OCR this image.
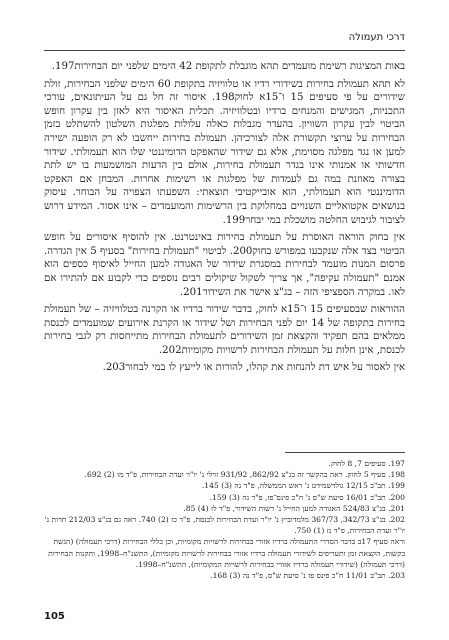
דרכי תעמולה

באות המציגות רשימת מועמדים תהא מוגבלת לתקופת 42 הימים שלפני יום הבחירות197.

לא תהא תעמולת בחירות בשידורי רדיו או טלוויזיה בתקופת 60 הימים שלפני הבחירות, זולת שידורים על פי סעיפים 15 ו־15א לחוק198. איסור זה חל גם על העיתונאים, עורכי התכניות, המגישים והמנחים ברדיו ובטלוויזיה. תכלית האיסור היא לאזן בין עקרון חופש הביטוי לבין עקרון השוויון. בהעדר מגבלות כאלה עלולות מפלגות השלטון להשתלט בזמן הבחירות על ערוצי תקשורת אלה לצורכיהן. תעמולת בחירות ייחשבו לא רק הופעה ישירה למען או נגד מפלגה מסוימת, אלא גם שידור שהאפקט הדומיננטי שלו הוא תעמולתי. שידור חדשותי או אמנותי אינו בגדר תעמולת בחירות, אולם בין הדעות המושמעות בו יש לתת בצורה מאוזנת במה גם לעמדות של מפלגות או רשימות אחרות. המבחן אם האפקט הדומיננטי הוא תעמולתי, הוא אובייקטיבי תוצאתי: השפעתו הצפויה על הבוחר. עיסוק בנושאים אקטואליים השנויים במחלוקת בין הרשימות והמועמדים – אינו אסור. המידע דרוש לציבור לגיבוש החלטה מושכלת במי יבחר199.

אין בחוק הוראה האוסרת על תעמולת בחירות באינטרנט. אין להוסיף איסורים על חופש הביטוי בצד אלה שנקבעו במפורש בחוק200. לביטוי "תעמולת בחירות" בסעיף 5 אין הגדרה. פרסום המנות מועמד לבחירות במסגרת שידור של האגודה למען החייל לאיסוף כספים הוא אמנם "תעמולה עקיפה", אך צריך לשקול שיקולים רבים נוספים כדי לקבוע אם להתירו אם לאו. במקרה הספציפי הזה – בג"צ אישר את השידור201.

ההוראות שבסעיפים 15 ו־15א לחוק, בדבר שידור ברדיו או הקרנה בטלוויזיה – של תעמולת בחירות בתקופה של 14 יום לפני הבחירות ושל שידור או הקרנת אירועים שמועמדים לכנסת ממלאים בהם תפקיד והקצאת זמן השידורים לתעמולת הבחירות מתייחסות רק לגבי בחירות לכנסת, אינן חלות על תעמולת הבחירות לרשויות מקומיות202.

אין לאסור על איש דת להנחות את קהלו, להורות או לייעץ לו במי לבחור203.

197. סעיפים 7, 8 לחוק.
198. סעיף 5 לחוק. ראה בהקשר זה בג"צ 862/92, 931/92 זוילי נ' יו"ר ועדת הבחירות, פ"ד מו (2) 692.
199. תב"ב 12/15 גולדשמידט נ' ראש הממשלה, פ"ד נה (3) 145.
200. תב"ב 16/01 סיעת ש"ס נ' ח"כ פינס־פז, פ"ד נה (3) 159.
201. בג"צ 524/83 האגודה למען החייל נ' רשות השידור, פ"ד לז (4) 85.
202. בג"צ 342/73, 367/73 מלמדוביץ נ' יו"ר ועדת הבחירות לכנסת, פ"ד כז (2) 740. ראה גם בג"צ 212/03 חרות נ' יו"ר ועדת הבחירות, פ"ד נז (1) 750.
וראה סעיף 17ב בדבר הסדרי התעמולה ברדיו אזורי בבחירות לרשויות מקומיות, וכן כללי הבחירות (דרכי תעמולה) (הגשת בקשות, הקצאת זמן ותעריפים לשידורי תעמולה ברדיו אזורי בבחירות לרשויות מקומיות), התשנ"ח–1998, ותקנות הבחירות (דרכי תעמולה) (שידורי תעמולה ברדיו אזורי בבחירות לרשויות המקומיות), התשנ"ח–1998.
203. תב"ב 11/01 ח"כ פינס פז נ' סיעת ש"ס, פ"ד נה (3) 168.
105
